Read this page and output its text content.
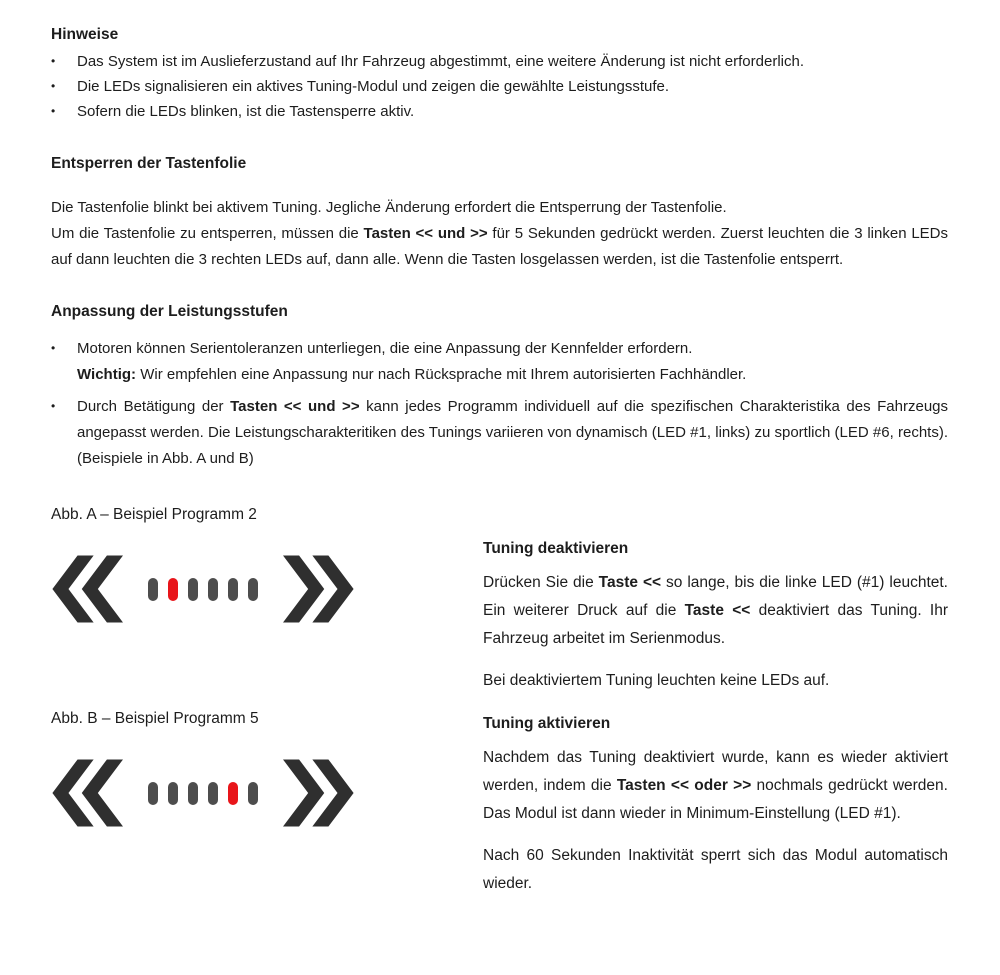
Hinweise
•	Das System ist im Auslieferzustand auf Ihr Fahrzeug abgestimmt, eine weitere Änderung ist nicht erforderlich.
•	Die LEDs signalisieren ein aktives Tuning-Modul und zeigen die gewählte Leistungsstufe.
•	Sofern die LEDs blinken, ist die Tastensperre aktiv.
Entsperren der Tastenfolie
Die Tastenfolie blinkt bei aktivem Tuning. Jegliche Änderung erfordert die Entsperrung der Tastenfolie.
Um die Tastenfolie zu entsperren, müssen die Tasten << und >> für 5 Sekunden gedrückt werden. Zuerst leuchten die 3 linken LEDs auf dann leuchten die 3 rechten LEDs auf, dann alle. Wenn die Tasten losgelassen werden, ist die Tastenfolie entsperrt.
Anpassung der Leistungsstufen
•	Motoren können Serientoleranzen unterliegen, die eine Anpassung der Kennfelder erfordern.
Wichtig: Wir empfehlen eine Anpassung nur nach Rücksprache mit Ihrem autorisierten Fachhändler.
•	Durch Betätigung der Tasten << und >> kann jedes Programm individuell auf die spezifischen Charakteristika des Fahrzeugs angepasst werden. Die Leistungscharakteritiken des Tunings variieren von dynamisch (LED #1, links) zu sportlich (LED #6, rechts).(Beispiele in Abb. A und B)
Abb. A – Beispiel Programm 2
Abb. B – Beispiel Programm 5
Tuning deaktivieren

Drücken Sie die Taste << so lange, bis die linke LED (#1) leuchtet. Ein weiterer Druck auf die Taste << deaktiviert das Tuning. Ihr Fahrzeug arbeitet im Serienmodus.

Bei deaktiviertem Tuning leuchten keine LEDs auf.

Tuning aktivieren

Nachdem das Tuning deaktiviert wurde, kann es wieder aktiviert werden, indem die Tasten << oder >> nochmals gedrückt werden. Das Modul ist dann wieder in Minimum-Einstellung (LED #1).

Nach 60 Sekunden Inaktivität sperrt sich das Modul automatisch wieder.
